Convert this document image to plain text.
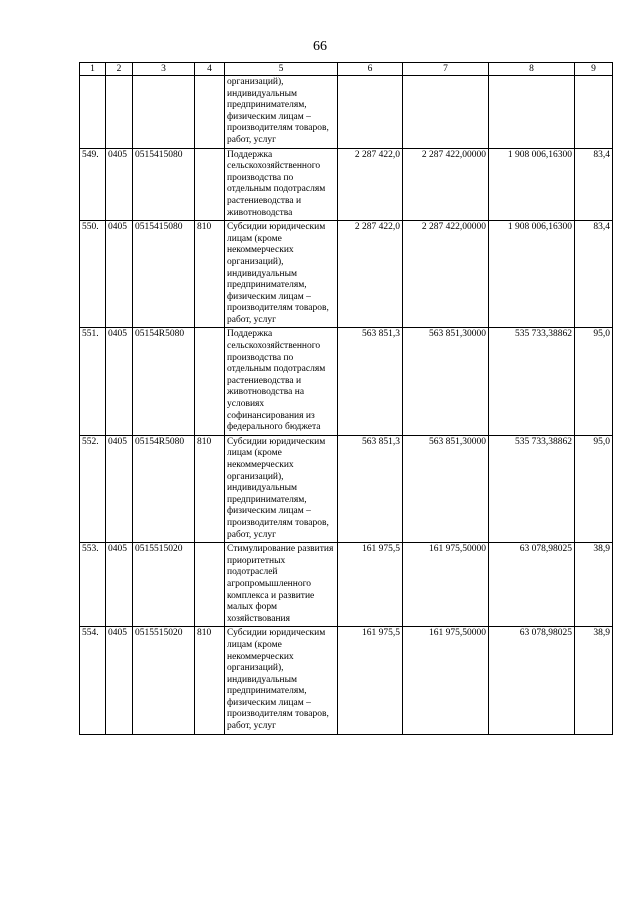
66
1	2	3	4	5	6	7	8	9
				организаций), индивидуальным предпринимателям, физическим лицам – производителям товаров, работ, услуг				
549.	0405	0515415080		Поддержка сельскохозяйственного производства по отдельным подотраслям растениеводства и животноводства	2 287 422,0	2 287 422,00000	1 908 006,16300	83,4
550.	0405	0515415080	810	Субсидии юридическим лицам (кроме некоммерческих организаций), индивидуальным предпринимателям, физическим лицам – производителям товаров, работ, услуг	2 287 422,0	2 287 422,00000	1 908 006,16300	83,4
551.	0405	05154R5080		Поддержка сельскохозяйственного производства по отдельным подотраслям растениеводства и животноводства на условиях софинансирования из федерального бюджета	563 851,3	563 851,30000	535 733,38862	95,0
552.	0405	05154R5080	810	Субсидии юридическим лицам (кроме некоммерческих организаций), индивидуальным предпринимателям, физическим лицам – производителям товаров, работ, услуг	563 851,3	563 851,30000	535 733,38862	95,0
553.	0405	0515515020		Стимулирование развития приоритетных подотраслей агропромышленного комплекса и развитие малых форм хозяйствования	161 975,5	161 975,50000	63 078,98025	38,9
554.	0405	0515515020	810	Субсидии юридическим лицам (кроме некоммерческих организаций), индивидуальным предпринимателям, физическим лицам – производителям товаров, работ, услуг	161 975,5	161 975,50000	63 078,98025	38,9
